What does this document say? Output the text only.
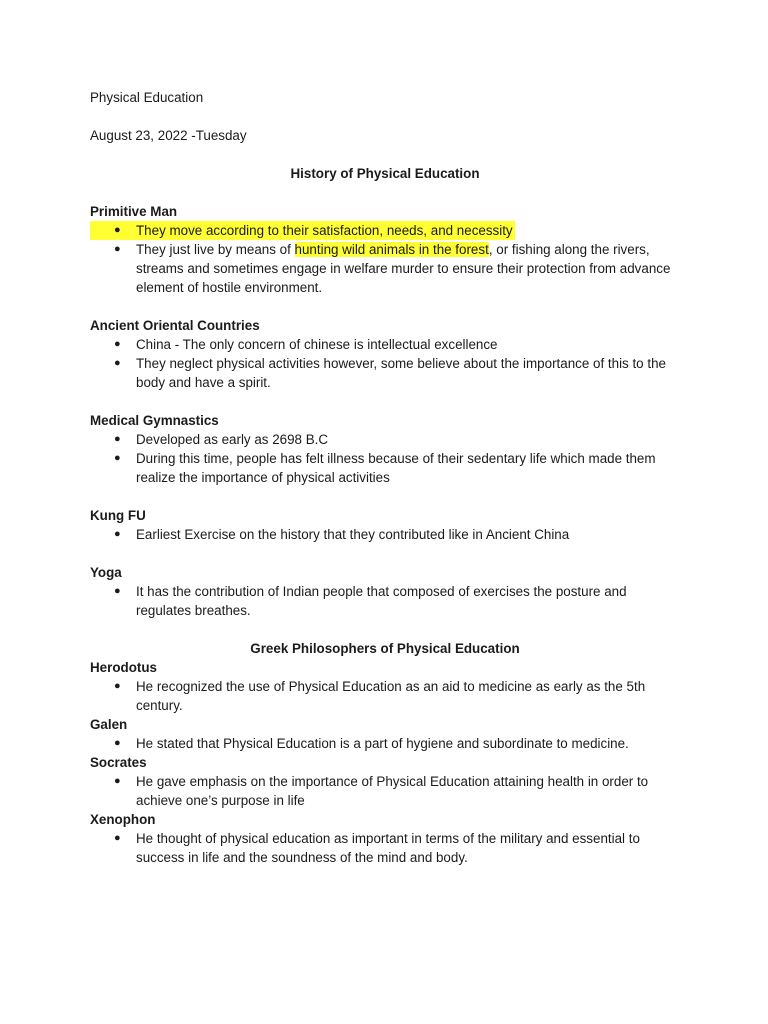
Physical Education

August 23, 2022 -Tuesday

History of Physical Education

Primitive Man

● They move according to their satisfaction, needs, and necessity
● They just live by means of hunting wild animals in the forest, or fishing along the rivers, streams and sometimes engage in welfare murder to ensure their protection from advance element of hostile environment.

Ancient Oriental Countries

● China - The only concern of chinese is intellectual excellence
● They neglect physical activities however, some believe about the importance of this to the body and have a spirit.

Medical Gymnastics

● Developed as early as 2698 B.C
● During this time, people has felt illness because of their sedentary life which made them realize the importance of physical activities

Kung FU

● Earliest Exercise on the history that they contributed like in Ancient China

Yoga

● It has the contribution of Indian people that composed of exercises the posture and regulates breathes.

Greek Philosophers of Physical Education

Herodotus

● He recognized the use of Physical Education as an aid to medicine as early as the 5th century.

Galen

● He stated that Physical Education is a part of hygiene and subordinate to medicine.

Socrates

● He gave emphasis on the importance of Physical Education attaining health in order to achieve one’s purpose in life

Xenophon

● He thought of physical education as important in terms of the military and essential to success in life and the soundness of the mind and body.
